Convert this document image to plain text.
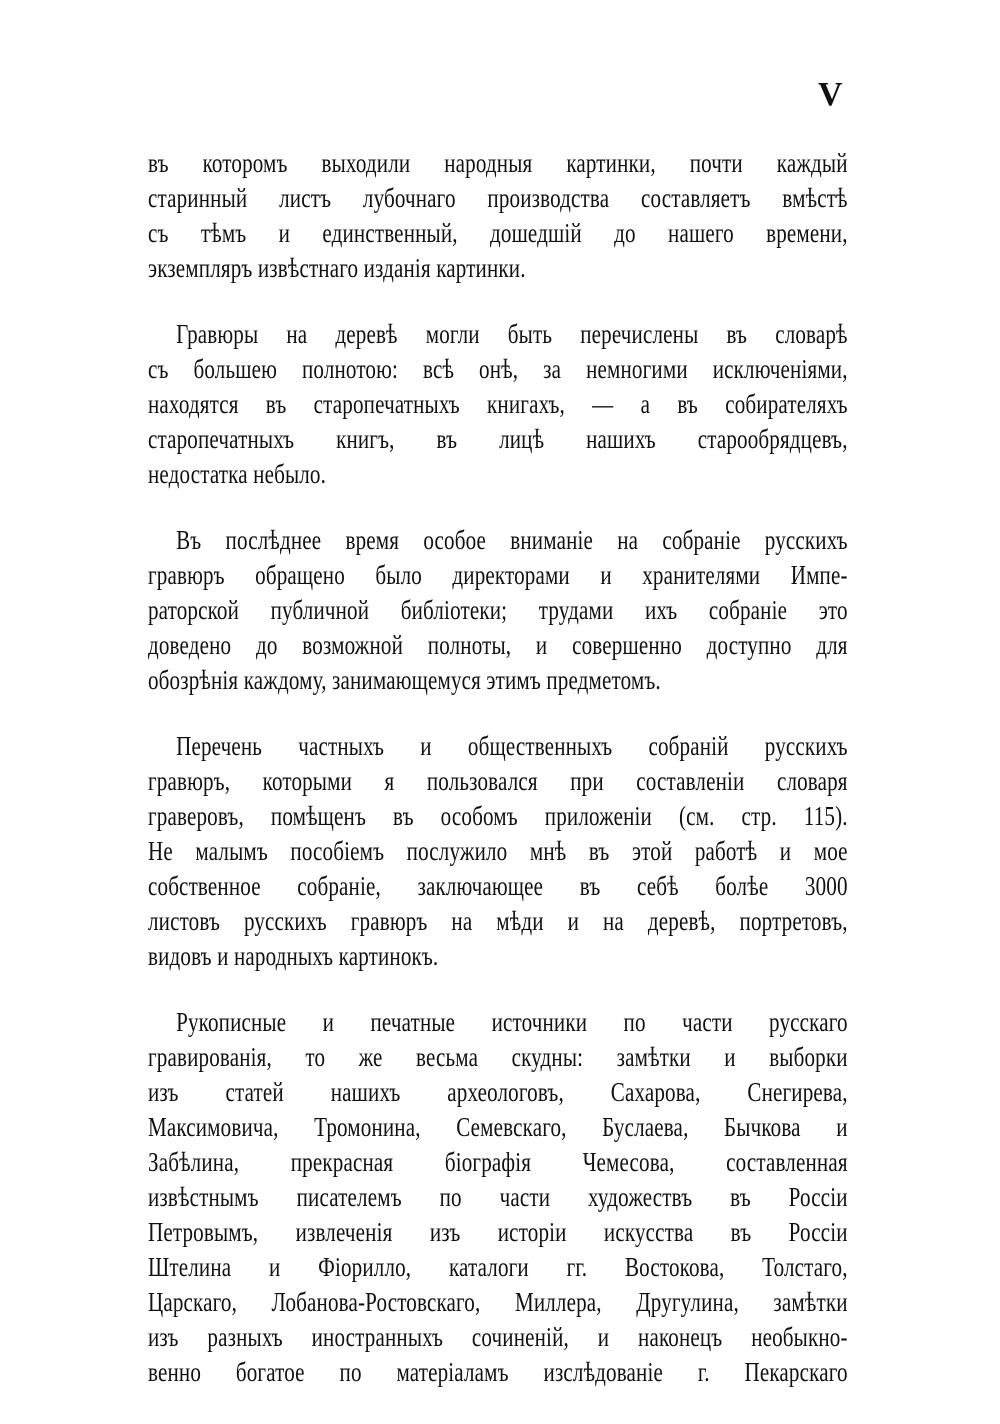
V
въ которомъ выходили народныя картинки, почти каждый
старинный листъ лубочнаго производства составляетъ вмѣстѣ
съ тѣмъ и единственный, дошедшій до нашего времени,
экземпляръ извѣстнаго изданія картинки.
Гравюры на деревѣ могли быть перечислены въ словарѣ
съ большею полнотою: всѣ онѣ, за немногими исключеніями,
находятся въ старопечатныхъ книгахъ, — а въ собирателяхъ
старопечатныхъ книгъ, въ лицѣ нашихъ старообрядцевъ,
недостатка небыло.
Въ послѣднее время особое вниманіе на собраніе русскихъ
гравюръ обращено было директорами и хранителями Импе-
раторской публичной библіотеки; трудами ихъ собраніе это
доведено до возможной полноты, и совершенно доступно для
обозрѣнія каждому, занимающемуся этимъ предметомъ.
Перечень частныхъ и общественныхъ собраній русскихъ
гравюръ, которыми я пользовался при составленіи словаря
граверовъ, помѣщенъ въ особомъ приложеніи (см. стр. 115).
Не малымъ пособіемъ послужило мнѣ въ этой работѣ и мое
собственное собраніе, заключающее въ себѣ болѣе 3000
листовъ русскихъ гравюръ на мѣди и на деревѣ, портретовъ,
видовъ и народныхъ картинокъ.
Рукописные и печатные источники по части русскаго
гравированія, то же весьма скудны: замѣтки и выборки
изъ статей нашихъ археологовъ, Сахарова, Снегирева,
Максимовича, Тромонина, Семевскаго, Буслаева, Бычкова и
Забѣлина, прекрасная біографія Чемесова, составленная
извѣстнымъ писателемъ по части художествъ въ Россіи
Петровымъ, извлеченія изъ исторіи искусства въ Россіи
Штелина и Фіорилло, каталоги гг. Востокова, Толстаго,
Царскаго, Лобанова-Ростовскаго, Миллера, Другулина, замѣтки
изъ разныхъ иностранныхъ сочиненій, и наконецъ необыкно-
венно богатое по матеріаламъ изслѣдованіе г. Пекарскаго
